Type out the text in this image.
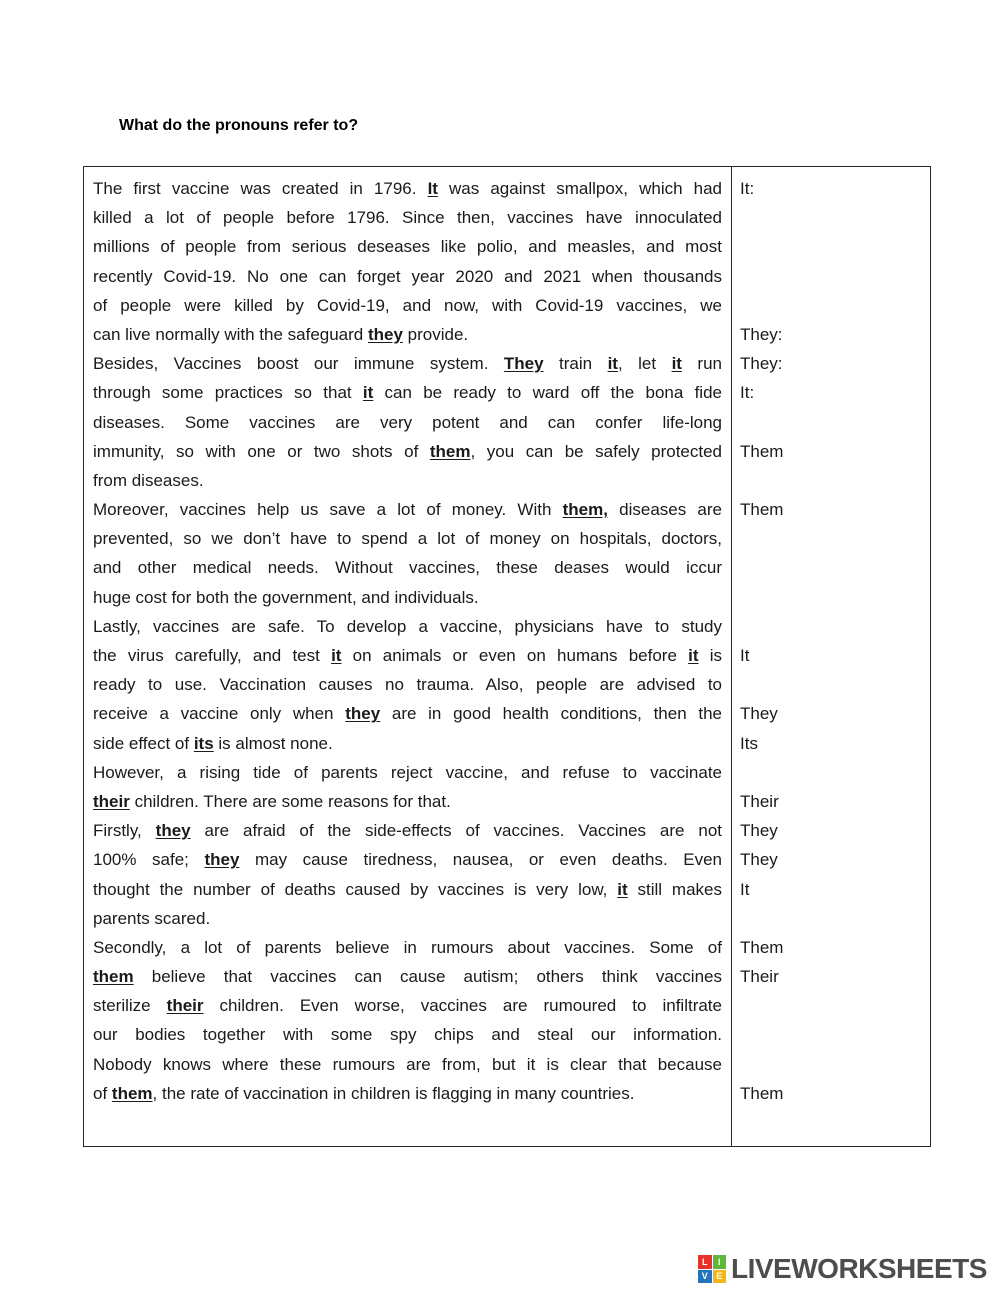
What do the pronouns refer to?
The first vaccine was created in 1796. It was against smallpox, which had
killed a lot of people before 1796. Since then, vaccines have innoculated
millions of people from serious deseases like polio, and measles, and most
recently Covid-19. No one can forget year 2020 and 2021 when thousands
of people were killed by Covid-19, and now, with Covid-19 vaccines, we
can live normally with the safeguard they provide.
Besides, Vaccines boost our immune system. They train it, let it run
through some practices so that it can be ready to ward off the bona fide
diseases. Some vaccines are very potent and can confer life-long
immunity, so with one or two shots of them, you can be safely protected
from diseases.
Moreover, vaccines help us save a lot of money. With them, diseases are
prevented, so we don’t have to spend a lot of money on hospitals, doctors,
and other medical needs. Without vaccines, these deases would iccur
huge cost for both the government, and individuals.
Lastly, vaccines are safe. To develop a vaccine, physicians have to study
the virus carefully, and test it on animals or even on humans before it is
ready to use. Vaccination causes no trauma. Also, people are advised to
receive a vaccine only when they are in good health conditions, then the
side effect of its is almost none.
However, a rising tide of parents reject vaccine, and refuse to vaccinate
their children. There are some reasons for that.
Firstly, they are afraid of the side-effects of vaccines. Vaccines are not
100% safe; they may cause tiredness, nausea, or even deaths. Even
thought the number of deaths caused by vaccines is very low, it still makes
parents scared.
Secondly, a lot of parents believe in rumours about vaccines. Some of
them believe that vaccines can cause autism; others think vaccines
sterilize their children. Even worse, vaccines are rumoured to infiltrate
our bodies together with some spy chips and steal our information.
Nobody knows where these rumours are from, but it is clear that because
of them, the rate of vaccination in children is flagging in many countries.
It:
They:
They:
It:
Them
Them
It
They
Its
Their
They
They
It
Them
Their
Them
L	I
V E LIVEWORKSHEETS
